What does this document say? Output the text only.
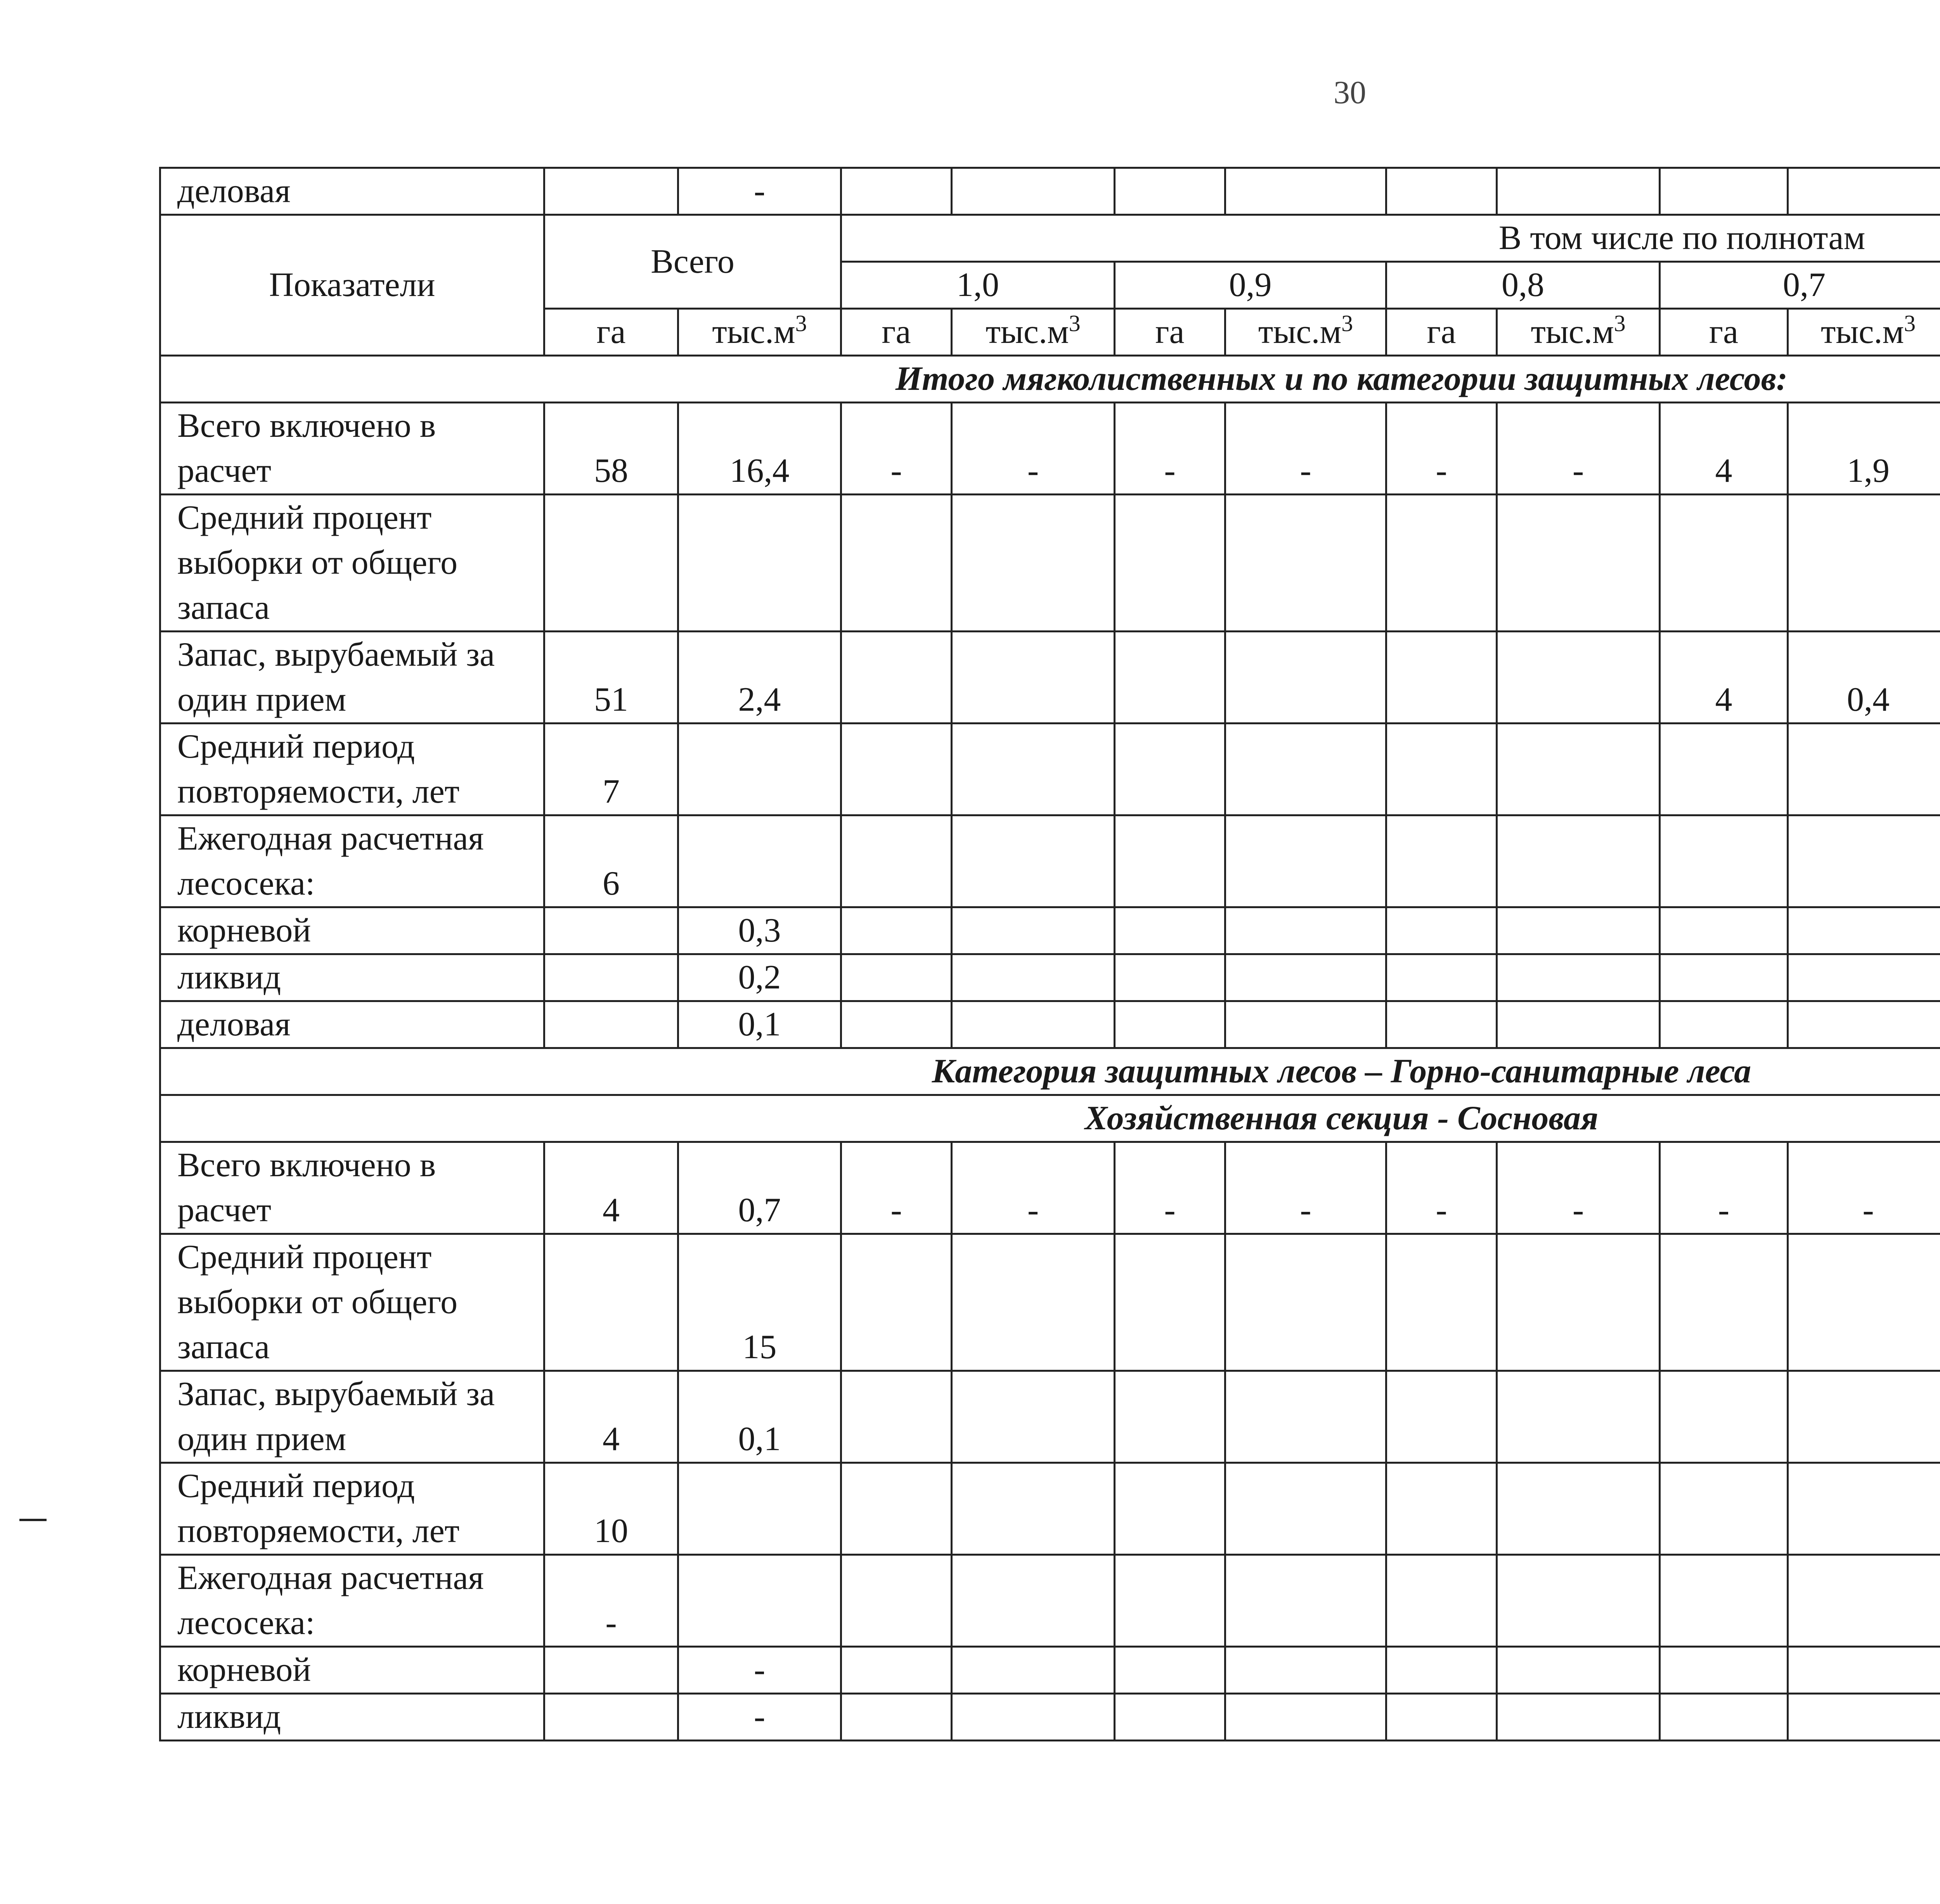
30
деловая		-												
Показатели	Всего		В том числе по полнотам											
			1,0		0,9		0,8		0,7		
	га	$тыс.м^3$	га	$тыс.м^3$	га	$тыс.м^3$	га	$тыс.м^3$	га	$тыс.м^3$				
Итого мягколиственных и по категории защитных лесов:														
Всего включено в расчет	58	16,4	-	-	-	-	-	-	4	1,9				
Средний процент выборки от общего запаса														
Запас, вырубаемый за один прием	51	2,4							4	0,4				
Средний период повторяемости, лет	7													
Ежегодная расчетная лесосека:	6													
корневой		0,3												
ликвид		0,2												
деловая		0,1												
Категория защитных лесов – Горно-санитарные леса														
Хозяйственная секция - Сосновая														
Всего включено в расчет	4	0,7	-	-	-	-	-	-	-	-				
Средний процент выборки от общего запаса		15												
Запас, вырубаемый за один прием	4	0,1												
Средний период повторяемости, лет	10													
Ежегодная расчетная лесосека:	-													
корневой		-												
ликвид		-												
